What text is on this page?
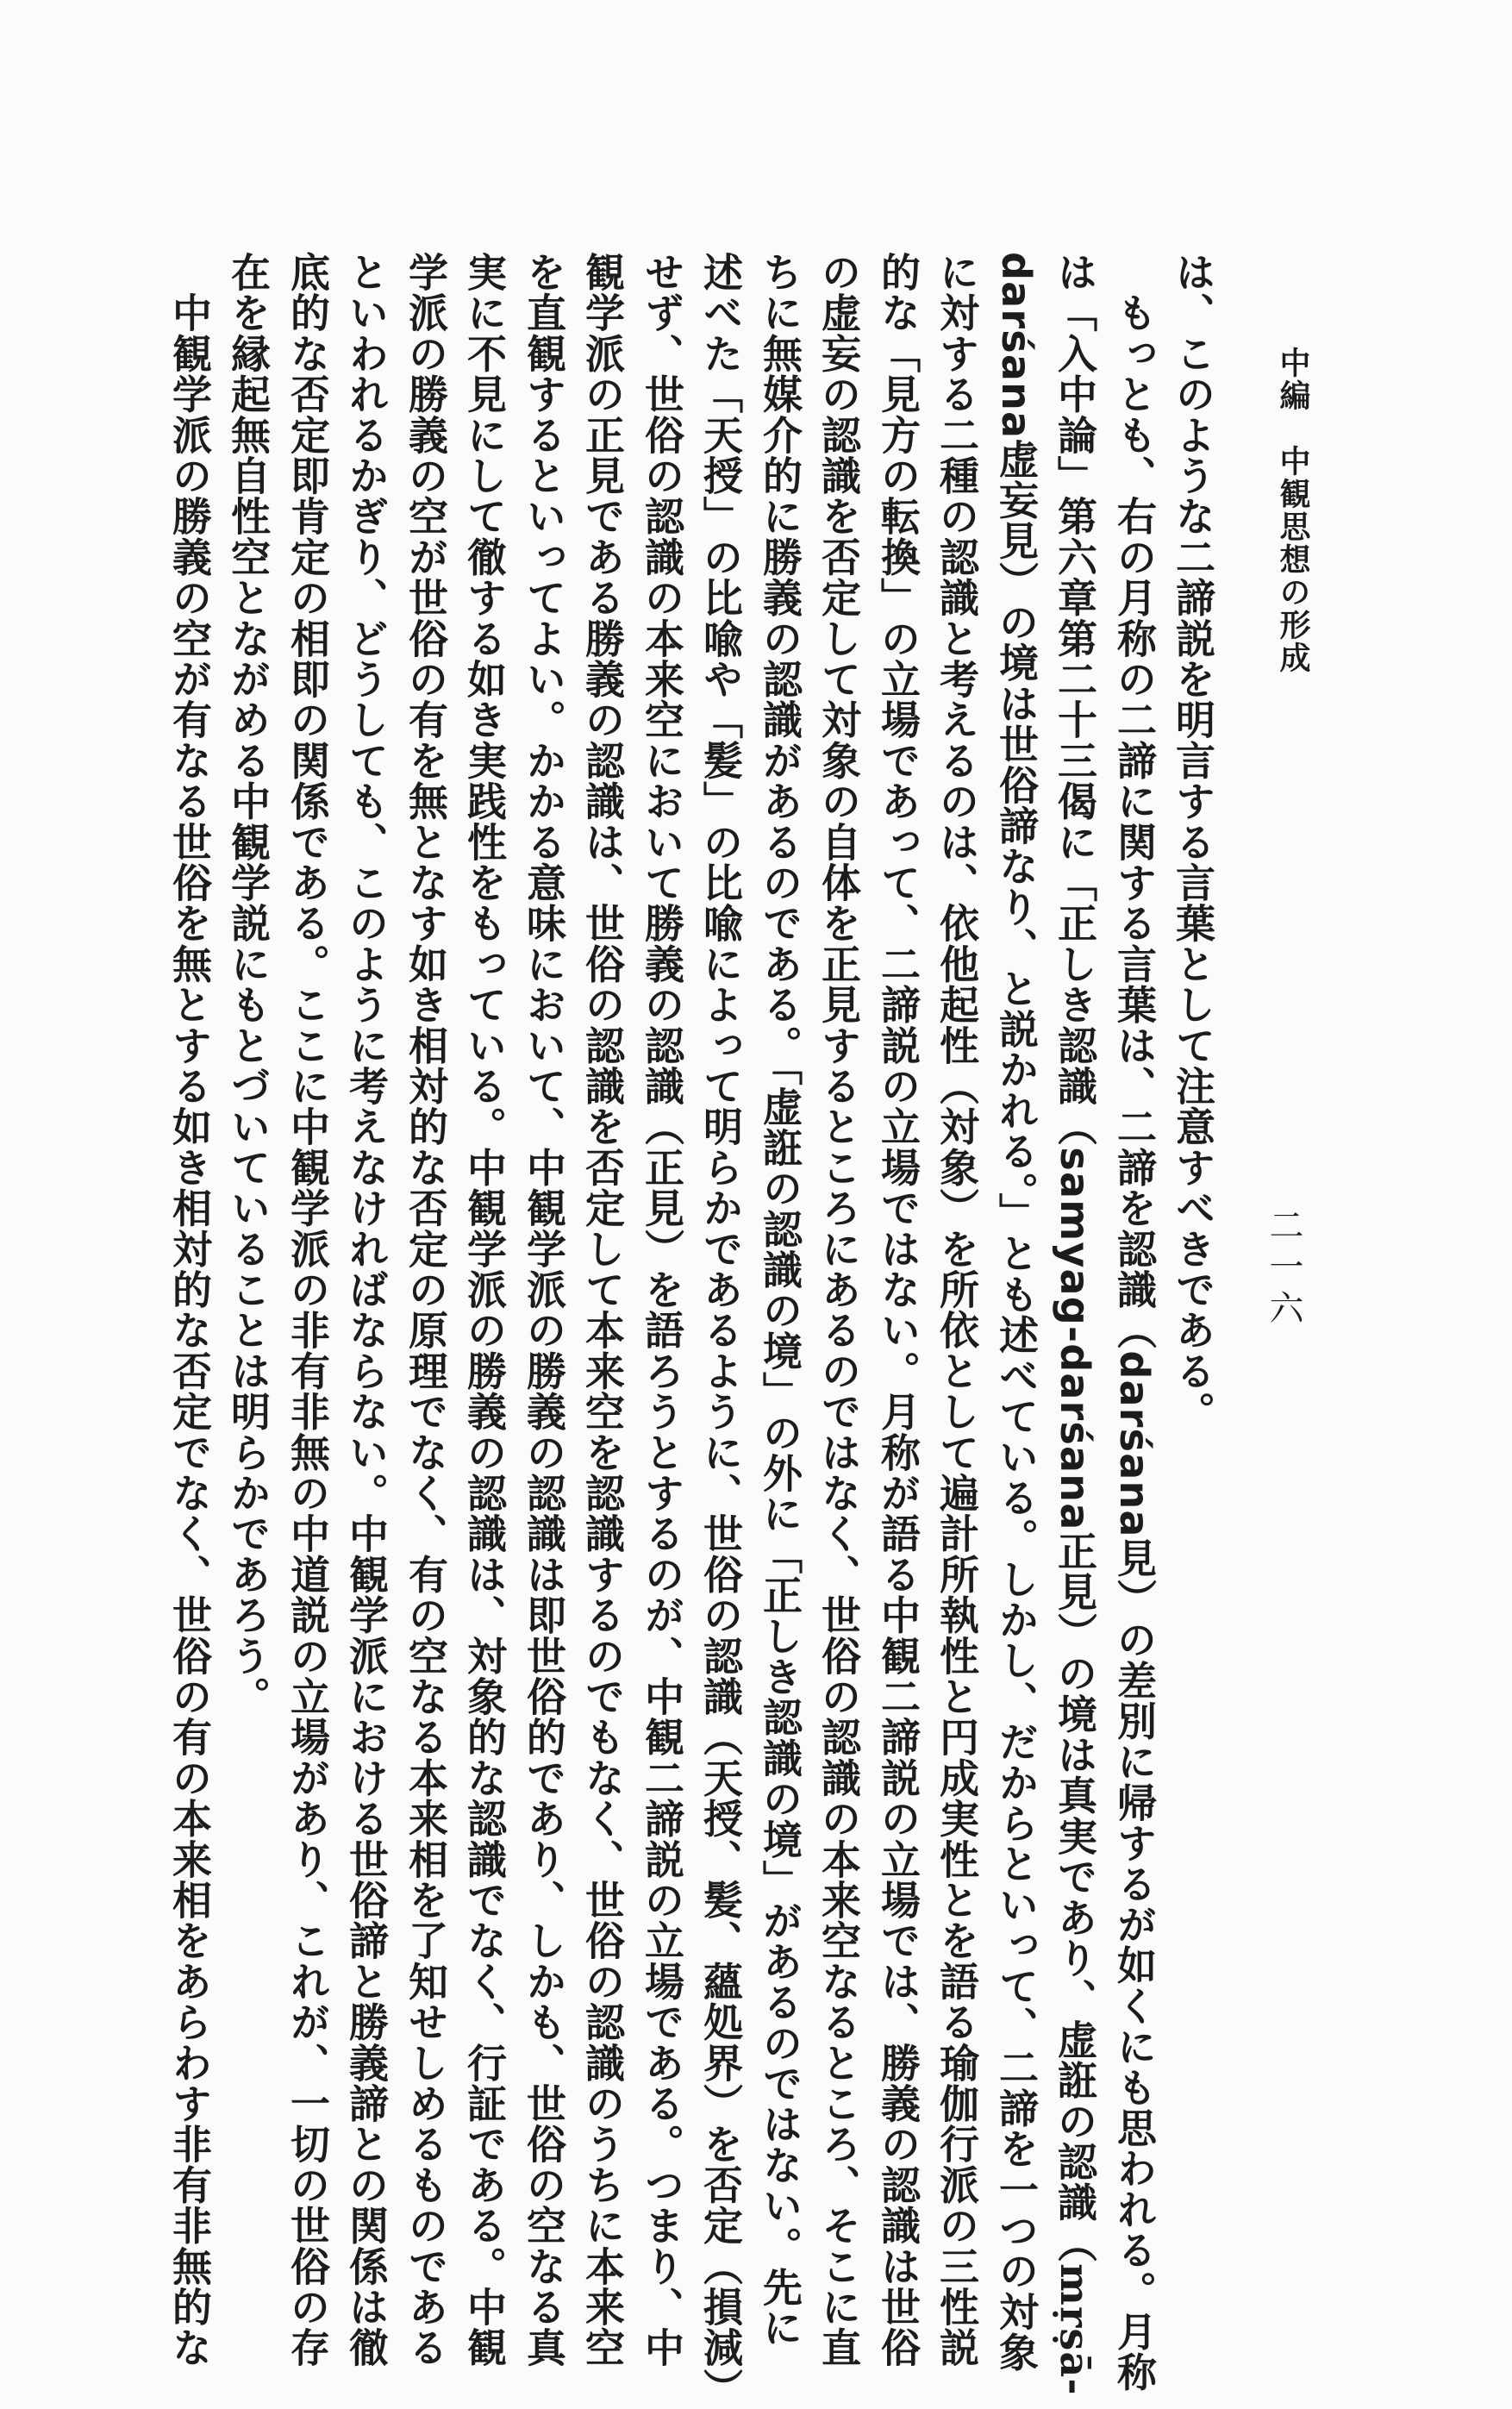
中編　中観思想の形成
二一六
は、このような二諦説を明言する言葉として注意すべきである。
　もっとも、右の月称の二諦に関する言葉は、二諦を認識（darśana見）の差別に帰するが如くにも思われる。月称
は「入中論」第六章第二十三偈に「正しき認識（samyag-darśana正見）の境は真実であり、虚誑の認識（mṛṣā-
darśana虚妄見）の境は世俗諦なり、と説かれる。」とも述べている。しかし、だからといって、二諦を一つの対象
に対する二種の認識と考えるのは、依他起性（対象）を所依として遍計所執性と円成実性とを語る瑜伽行派の三性説
的な「見方の転換」の立場であって、二諦説の立場ではない。月称が語る中観二諦説の立場では、勝義の認識は世俗
の虚妄の認識を否定して対象の自体を正見するところにあるのではなく、世俗の認識の本来空なるところ、そこに直
ちに無媒介的に勝義の認識があるのである。「虚誑の認識の境」の外に「正しき認識の境」があるのではない。先に
述べた「天授」の比喩や「髪」の比喩によって明らかであるように、世俗の認識（天授、髪、蘊処界）を否定（損減）
せず、世俗の認識の本来空において勝義の認識（正見）を語ろうとするのが、中観二諦説の立場である。つまり、中
観学派の正見である勝義の認識は、世俗の認識を否定して本来空を認識するのでもなく、世俗の認識のうちに本来空
を直観するといってよい。かかる意味において、中観学派の勝義の認識は即世俗的であり、しかも、世俗の空なる真
実に不見にして徹する如き実践性をもっている。中観学派の勝義の認識は、対象的な認識でなく、行証である。中観
学派の勝義の空が世俗の有を無となす如き相対的な否定の原理でなく、有の空なる本来相を了知せしめるものである
といわれるかぎり、どうしても、このように考えなければならない。中観学派における世俗諦と勝義諦との関係は徹
底的な否定即肯定の相即の関係である。ここに中観学派の非有非無の中道説の立場があり、これが、一切の世俗の存
在を縁起無自性空とながめる中観学説にもとづいていることは明らかであろう。
　中観学派の勝義の空が有なる世俗を無とする如き相対的な否定でなく、世俗の有の本来相をあらわす非有非無的な
